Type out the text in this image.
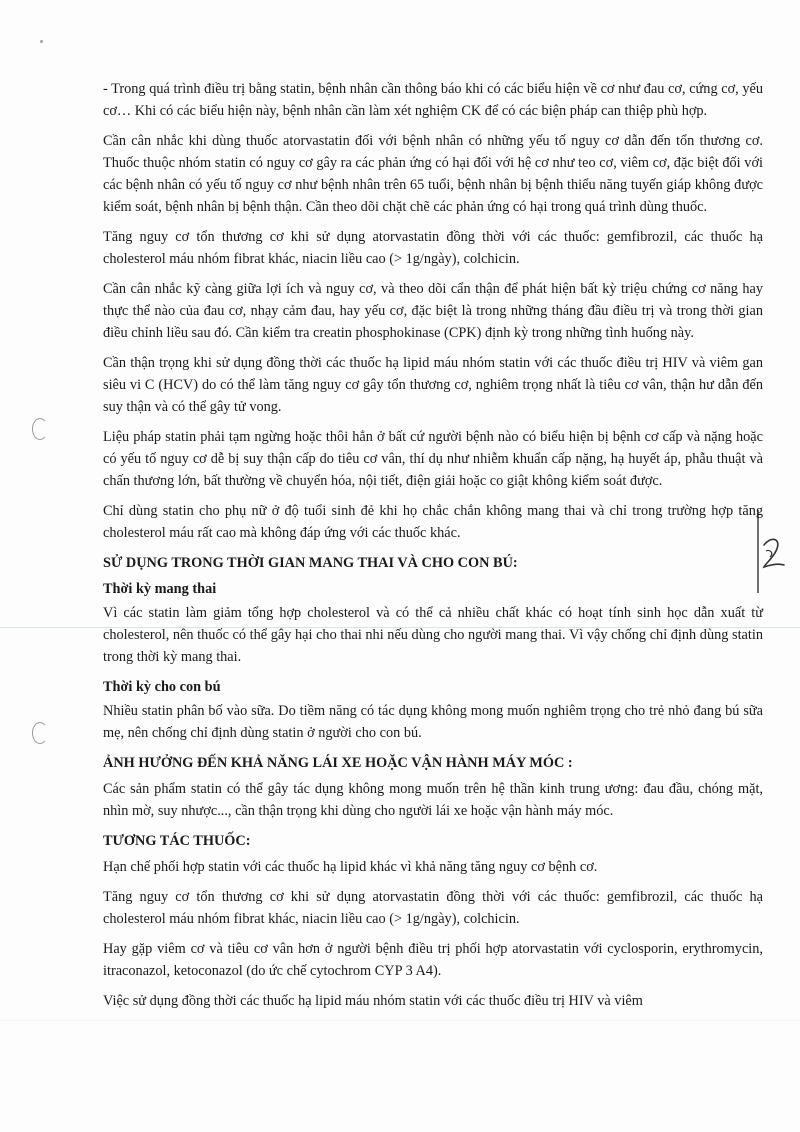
- Trong quá trình điều trị bằng statin, bệnh nhân cần thông báo khi có các biểu hiện về cơ như đau cơ, cứng cơ, yếu cơ… Khi có các biểu hiện này, bệnh nhân cần làm xét nghiệm CK để có các biện pháp can thiệp phù hợp.

Cần cân nhắc khi dùng thuốc atorvastatin đối với bệnh nhân có những yếu tố nguy cơ dẫn đến tổn thương cơ. Thuốc thuộc nhóm statin có nguy cơ gây ra các phản ứng có hại đối với hệ cơ như teo cơ, viêm cơ, đặc biệt đối với các bệnh nhân có yếu tố nguy cơ như bệnh nhân trên 65 tuổi, bệnh nhân bị bệnh thiểu năng tuyến giáp không được kiểm soát, bệnh nhân bị bệnh thận. Cần theo dõi chặt chẽ các phản ứng có hại trong quá trình dùng thuốc.

Tăng nguy cơ tổn thương cơ khi sử dụng atorvastatin đồng thời với các thuốc: gemfibrozil, các thuốc hạ cholesterol máu nhóm fibrat khác, niacin liều cao (> 1g/ngày), colchicin.

Cần cân nhắc kỹ càng giữa lợi ích và nguy cơ, và theo dõi cẩn thận để phát hiện bất kỳ triệu chứng cơ năng hay thực thể nào của đau cơ, nhạy cảm đau, hay yếu cơ, đặc biệt là trong những tháng đầu điều trị và trong thời gian điều chỉnh liều sau đó. Cần kiểm tra creatin phosphokinase (CPK) định kỳ trong những tình huống này.

Cần thận trọng khi sử dụng đồng thời các thuốc hạ lipid máu nhóm statin với các thuốc điều trị HIV và viêm gan siêu vi C (HCV) do có thể làm tăng nguy cơ gây tổn thương cơ, nghiêm trọng nhất là tiêu cơ vân, thận hư dẫn đến suy thận và có thể gây tử vong.

Liệu pháp statin phải tạm ngừng hoặc thôi hẳn ở bất cứ người bệnh nào có biểu hiện bị bệnh cơ cấp và nặng hoặc có yếu tố nguy cơ dễ bị suy thận cấp do tiêu cơ vân, thí dụ như nhiễm khuẩn cấp nặng, hạ huyết áp, phẫu thuật và chấn thương lớn, bất thường về chuyển hóa, nội tiết, điện giải hoặc co giật không kiểm soát được.

Chỉ dùng statin cho phụ nữ ở độ tuổi sinh đẻ khi họ chắc chắn không mang thai và chỉ trong trường hợp tăng cholesterol máu rất cao mà không đáp ứng với các thuốc khác.

SỬ DỤNG TRONG THỜI GIAN MANG THAI VÀ CHO CON BÚ:
Thời kỳ mang thai

Vì các statin làm giảm tổng hợp cholesterol và có thể cả nhiều chất khác có hoạt tính sinh học dẫn xuất từ cholesterol, nên thuốc có thể gây hại cho thai nhi nếu dùng cho người mang thai. Vì vậy chống chỉ định dùng statin trong thời kỳ mang thai.

Thời kỳ cho con bú

Nhiều statin phân bố vào sữa. Do tiềm năng có tác dụng không mong muốn nghiêm trọng cho trẻ nhỏ đang bú sữa mẹ, nên chống chỉ định dùng statin ở người cho con bú.

ẢNH HƯỞNG ĐẾN KHẢ NĂNG LÁI XE HOẶC VẬN HÀNH MÁY MÓC :

Các sản phẩm statin có thể gây tác dụng không mong muốn trên hệ thần kinh trung ương: đau đầu, chóng mặt, nhìn mờ, suy nhược..., cần thận trọng khi dùng cho người lái xe hoặc vận hành máy móc.

TƯƠNG TÁC THUỐC:

Hạn chế phối hợp statin với các thuốc hạ lipid khác vì khả năng tăng nguy cơ bệnh cơ.

Tăng nguy cơ tổn thương cơ khi sử dụng atorvastatin đồng thời với các thuốc: gemfibrozil, các thuốc hạ cholesterol máu nhóm fibrat khác, niacin liều cao (> 1g/ngày), colchicin.

Hay gặp viêm cơ và tiêu cơ vân hơn ở người bệnh điều trị phối hợp atorvastatin với cyclosporin, erythromycin, itraconazol, ketoconazol (do ức chế cytochrom CYP 3 A4).

Việc sử dụng đồng thời các thuốc hạ lipid máu nhóm statin với các thuốc điều trị HIV và viêm
